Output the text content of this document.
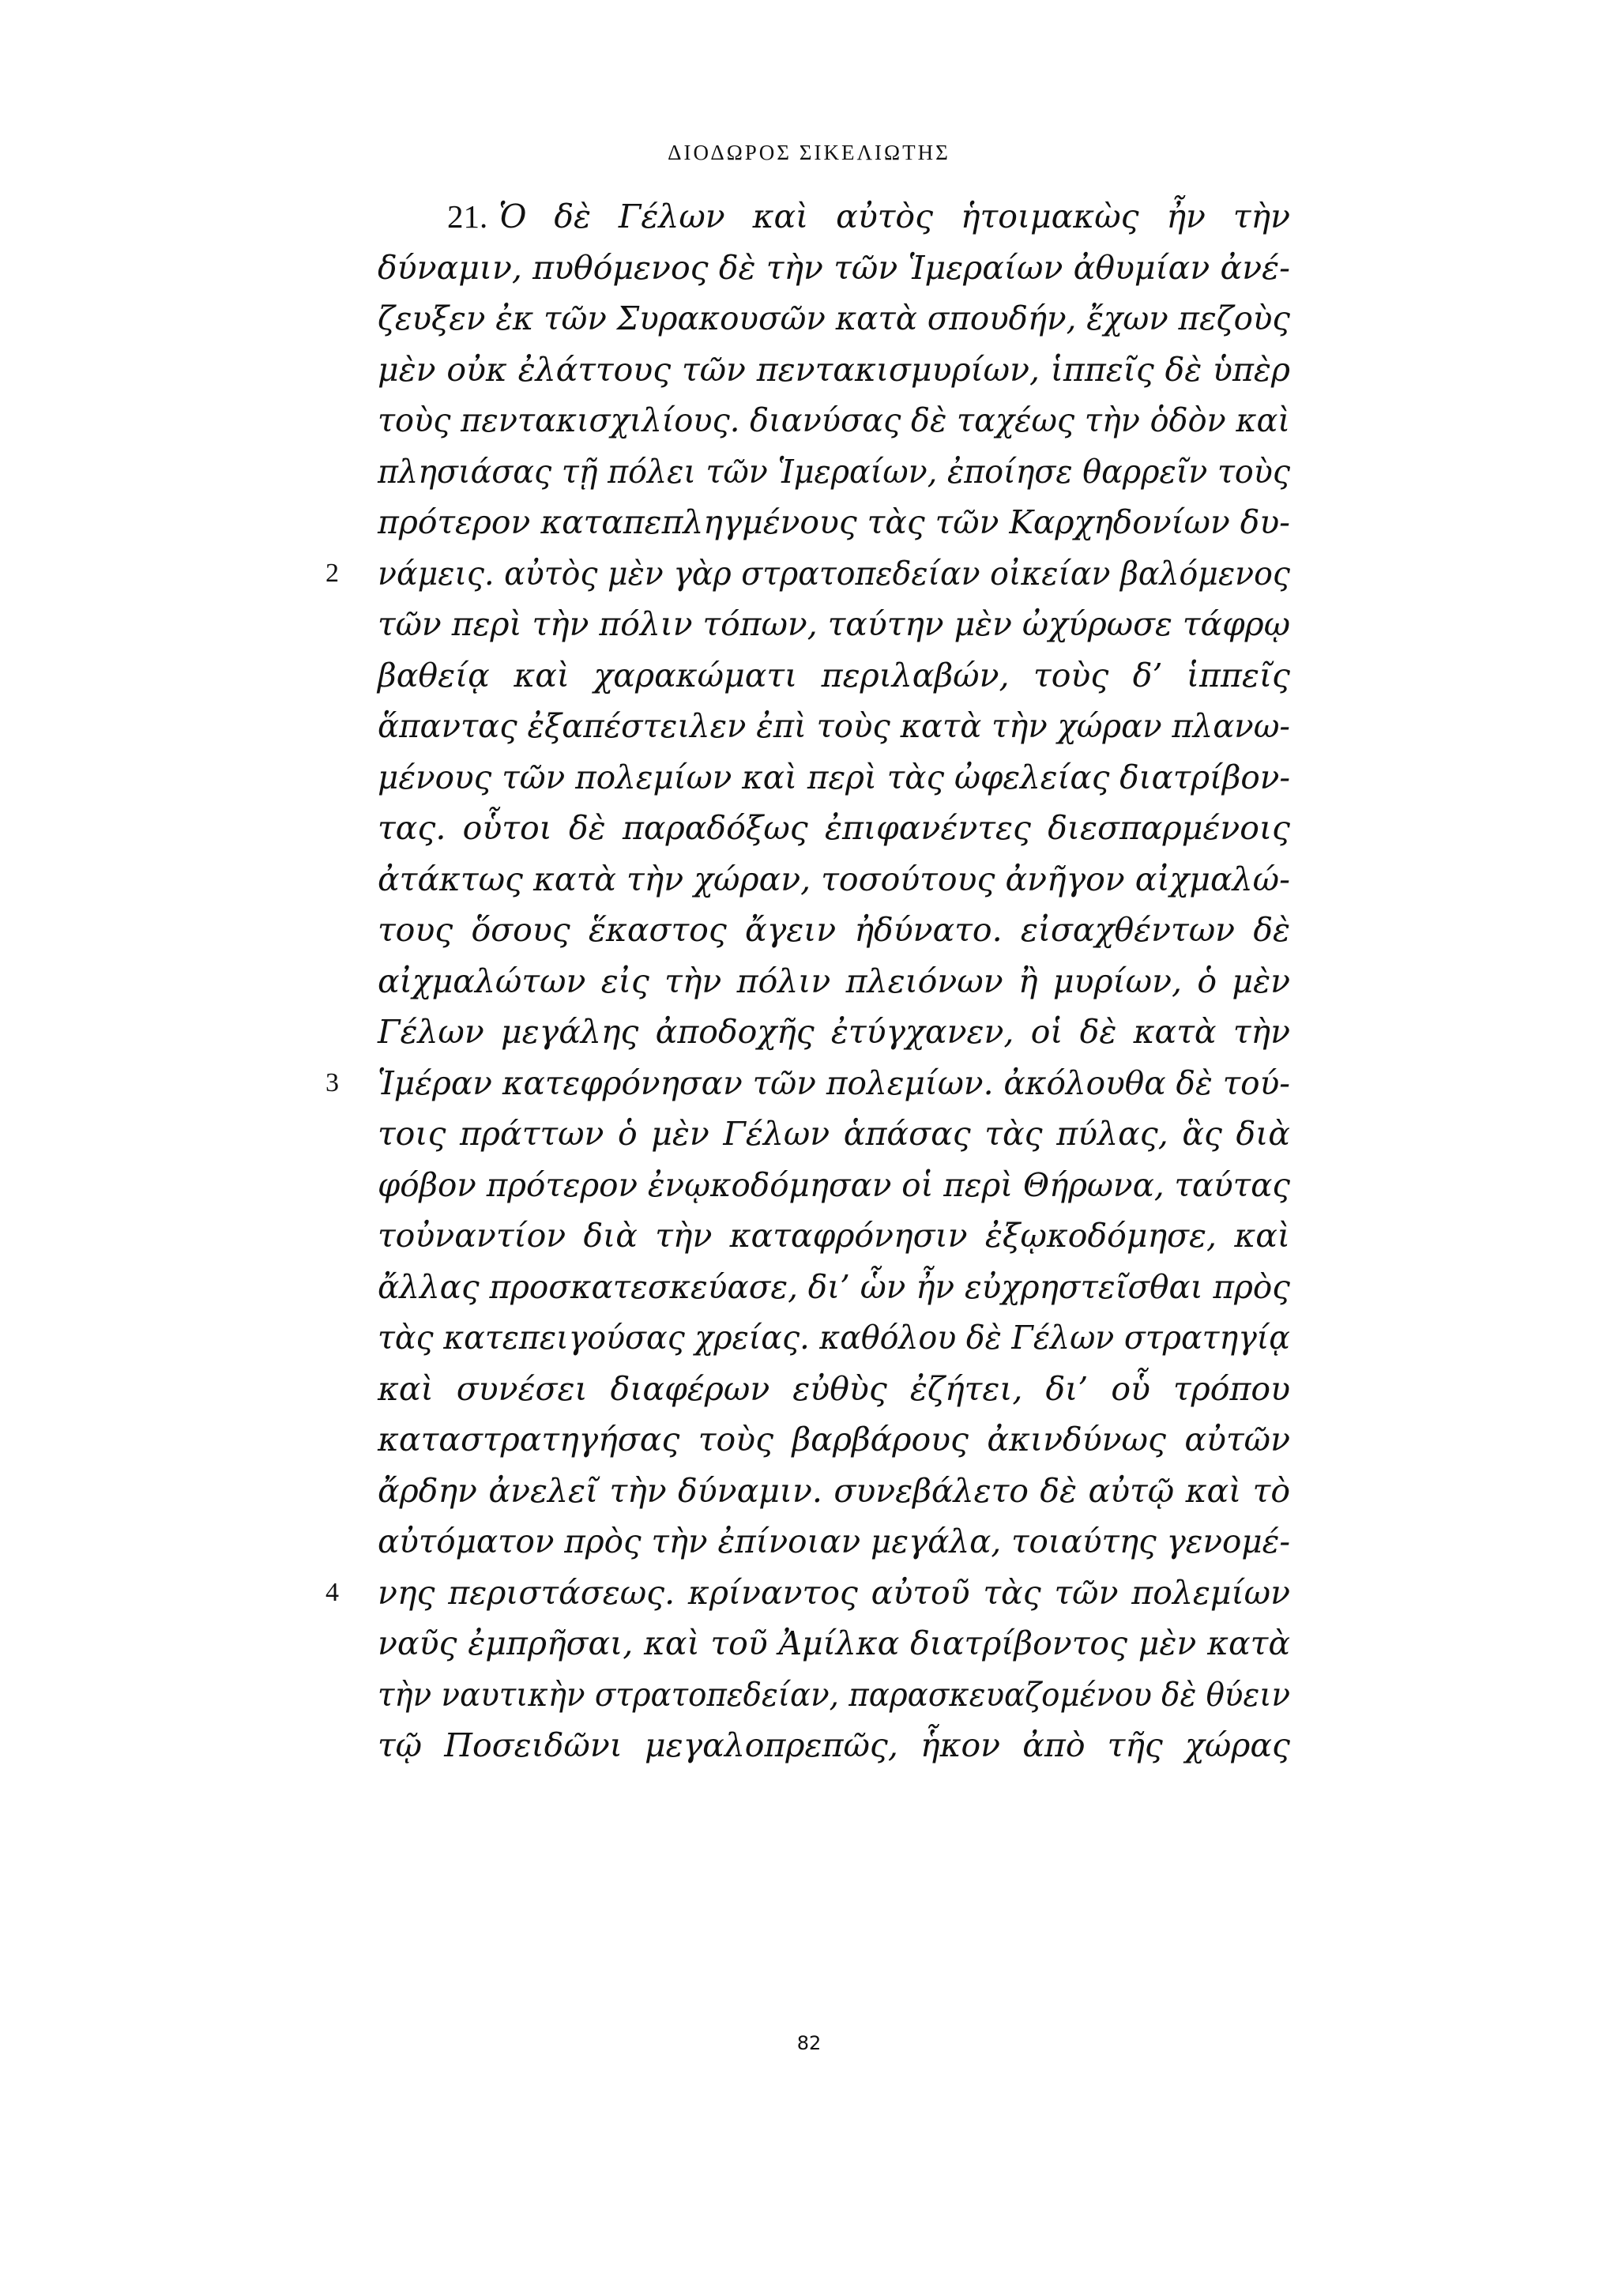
ΔΙΟΔΩΡΟΣ ΣΙΚΕΛΙΩΤΗΣ
21. Ὁ δὲ Γέλων καὶ αὐτὸς ἡτοιμακὼς ἦν τὴν
δύναμιν, πυθόμενος δὲ τὴν τῶν Ἱμεραίων ἀθυμίαν ἀνέ-
ζευξεν ἐκ τῶν Συρακουσῶν κατὰ σπουδήν, ἔχων πεζοὺς
μὲν οὐκ ἐλάττους τῶν πεντακισμυρίων, ἱππεῖς δὲ ὑπὲρ
τοὺς πεντακισχιλίους. διανύσας δὲ ταχέως τὴν ὁδὸν καὶ
πλησιάσας τῇ πόλει τῶν Ἱμεραίων, ἐποίησε θαρρεῖν τοὺς
πρότερον καταπεπληγμένους τὰς τῶν Καρχηδονίων δυ-
2 νάμεις. αὐτὸς μὲν γὰρ στρατοπεδείαν οἰκείαν βαλόμενος
τῶν περὶ τὴν πόλιν τόπων, ταύτην μὲν ὠχύρωσε τάφρῳ
βαθείᾳ καὶ χαρακώματι περιλαβών, τοὺς δ’ ἱππεῖς
ἅπαντας ἐξαπέστειλεν ἐπὶ τοὺς κατὰ τὴν χώραν πλανω-
μένους τῶν πολεμίων καὶ περὶ τὰς ὠφελείας διατρίβον-
τας. οὗτοι δὲ παραδόξως ἐπιφανέντες διεσπαρμένοις
ἀτάκτως κατὰ τὴν χώραν, τοσούτους ἀνῆγον αἰχμαλώ-
τους ὅσους ἕκαστος ἄγειν ἠδύνατο. εἰσαχθέντων δὲ
αἰχμαλώτων εἰς τὴν πόλιν πλειόνων ἢ μυρίων, ὁ μὲν
Γέλων μεγάλης ἀποδοχῆς ἐτύγχανεν, οἱ δὲ κατὰ τὴν
3 Ἱμέραν κατεφρόνησαν τῶν πολεμίων. ἀκόλουθα δὲ τού-
τοις πράττων ὁ μὲν Γέλων ἁπάσας τὰς πύλας, ἃς διὰ
φόβον πρότερον ἐνῳκοδόμησαν οἱ περὶ Θήρωνα, ταύτας
τοὐναντίον διὰ τὴν καταφρόνησιν ἐξῳκοδόμησε, καὶ
ἄλλας προσκατεσκεύασε, δι’ ὧν ἦν εὐχρηστεῖσθαι πρὸς
τὰς κατεπειγούσας χρείας. καθόλου δὲ Γέλων στρατηγίᾳ
καὶ συνέσει διαφέρων εὐθὺς ἐζήτει, δι’ οὗ τρόπου
καταστρατηγήσας τοὺς βαρβάρους ἀκινδύνως αὐτῶν
ἄρδην ἀνελεῖ τὴν δύναμιν. συνεβάλετο δὲ αὐτῷ καὶ τὸ
αὐτόματον πρὸς τὴν ἐπίνοιαν μεγάλα, τοιαύτης γενομέ-
4 νης περιστάσεως. κρίναντος αὐτοῦ τὰς τῶν πολεμίων
ναῦς ἐμπρῆσαι, καὶ τοῦ Ἀμίλκα διατρίβοντος μὲν κατὰ
τὴν ναυτικὴν στρατοπεδείαν, παρασκευαζομένου δὲ θύειν
τῷ Ποσειδῶνι μεγαλοπρεπῶς, ἧκον ἀπὸ τῆς χώρας
82
